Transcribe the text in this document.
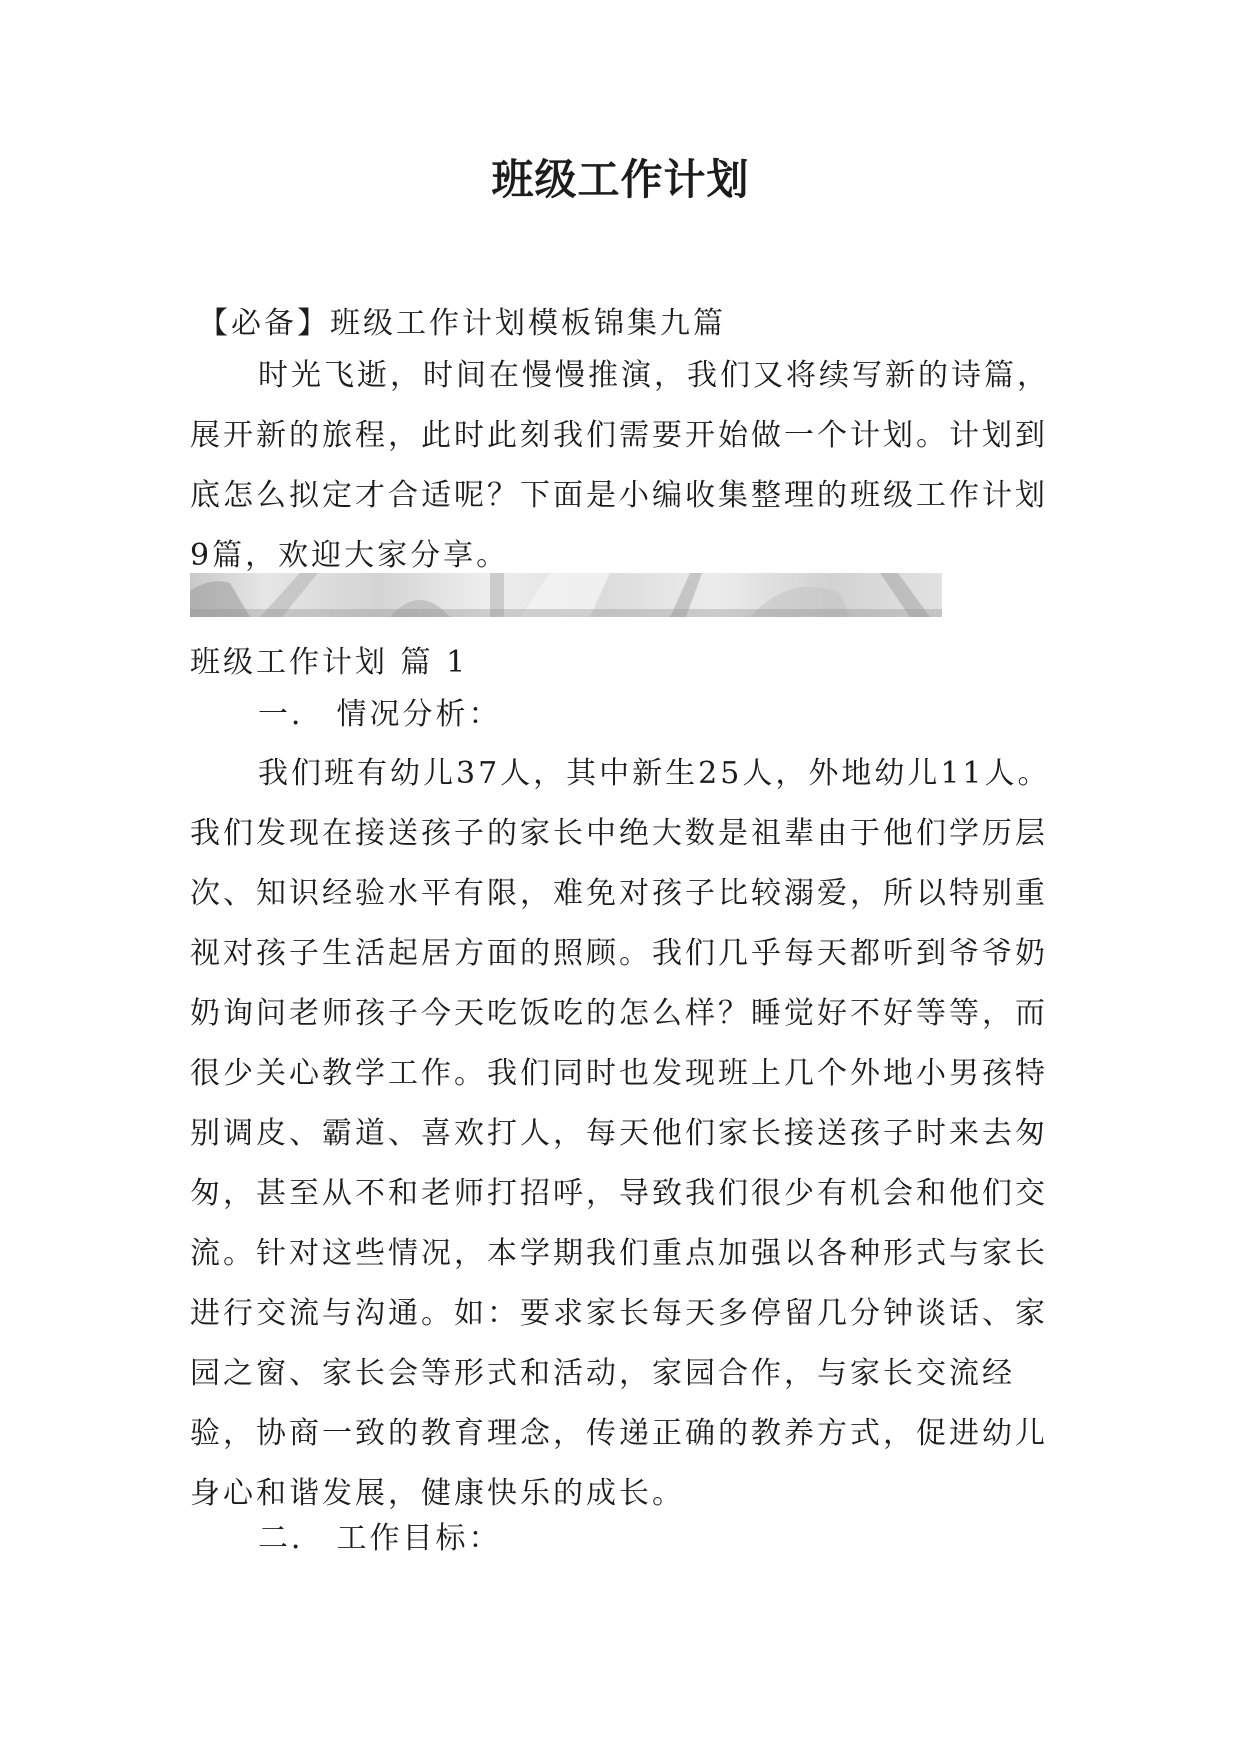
班级工作计划

【必备】班级工作计划模板锦集九篇

时光飞逝，时间在慢慢推演，我们又将续写新的诗篇，展开新的旅程，此时此刻我们需要开始做一个计划。计划到底怎么拟定才合适呢？下面是小编收集整理的班级工作计划9篇，欢迎大家分享。

班级工作计划 篇 1

一． 情况分析：

我们班有幼儿37人，其中新生25人，外地幼儿11人。我们发现在接送孩子的家长中绝大数是祖辈由于他们学历层次、知识经验水平有限，难免对孩子比较溺爱，所以特别重视对孩子生活起居方面的照顾。我们几乎每天都听到爷爷奶奶询问老师孩子今天吃饭吃的怎么样？睡觉好不好等等，而很少关心教学工作。我们同时也发现班上几个外地小男孩特别调皮、霸道、喜欢打人，每天他们家长接送孩子时来去匆匆，甚至从不和老师打招呼，导致我们很少有机会和他们交流。针对这些情况，本学期我们重点加强以各种形式与家长进行交流与沟通。如：要求家长每天多停留几分钟谈话、家园之窗、家长会等形式和活动，家园合作，与家长交流经验，协商一致的教育理念，传递正确的教养方式，促进幼儿身心和谐发展，健康快乐的成长。

二． 工作目标：
